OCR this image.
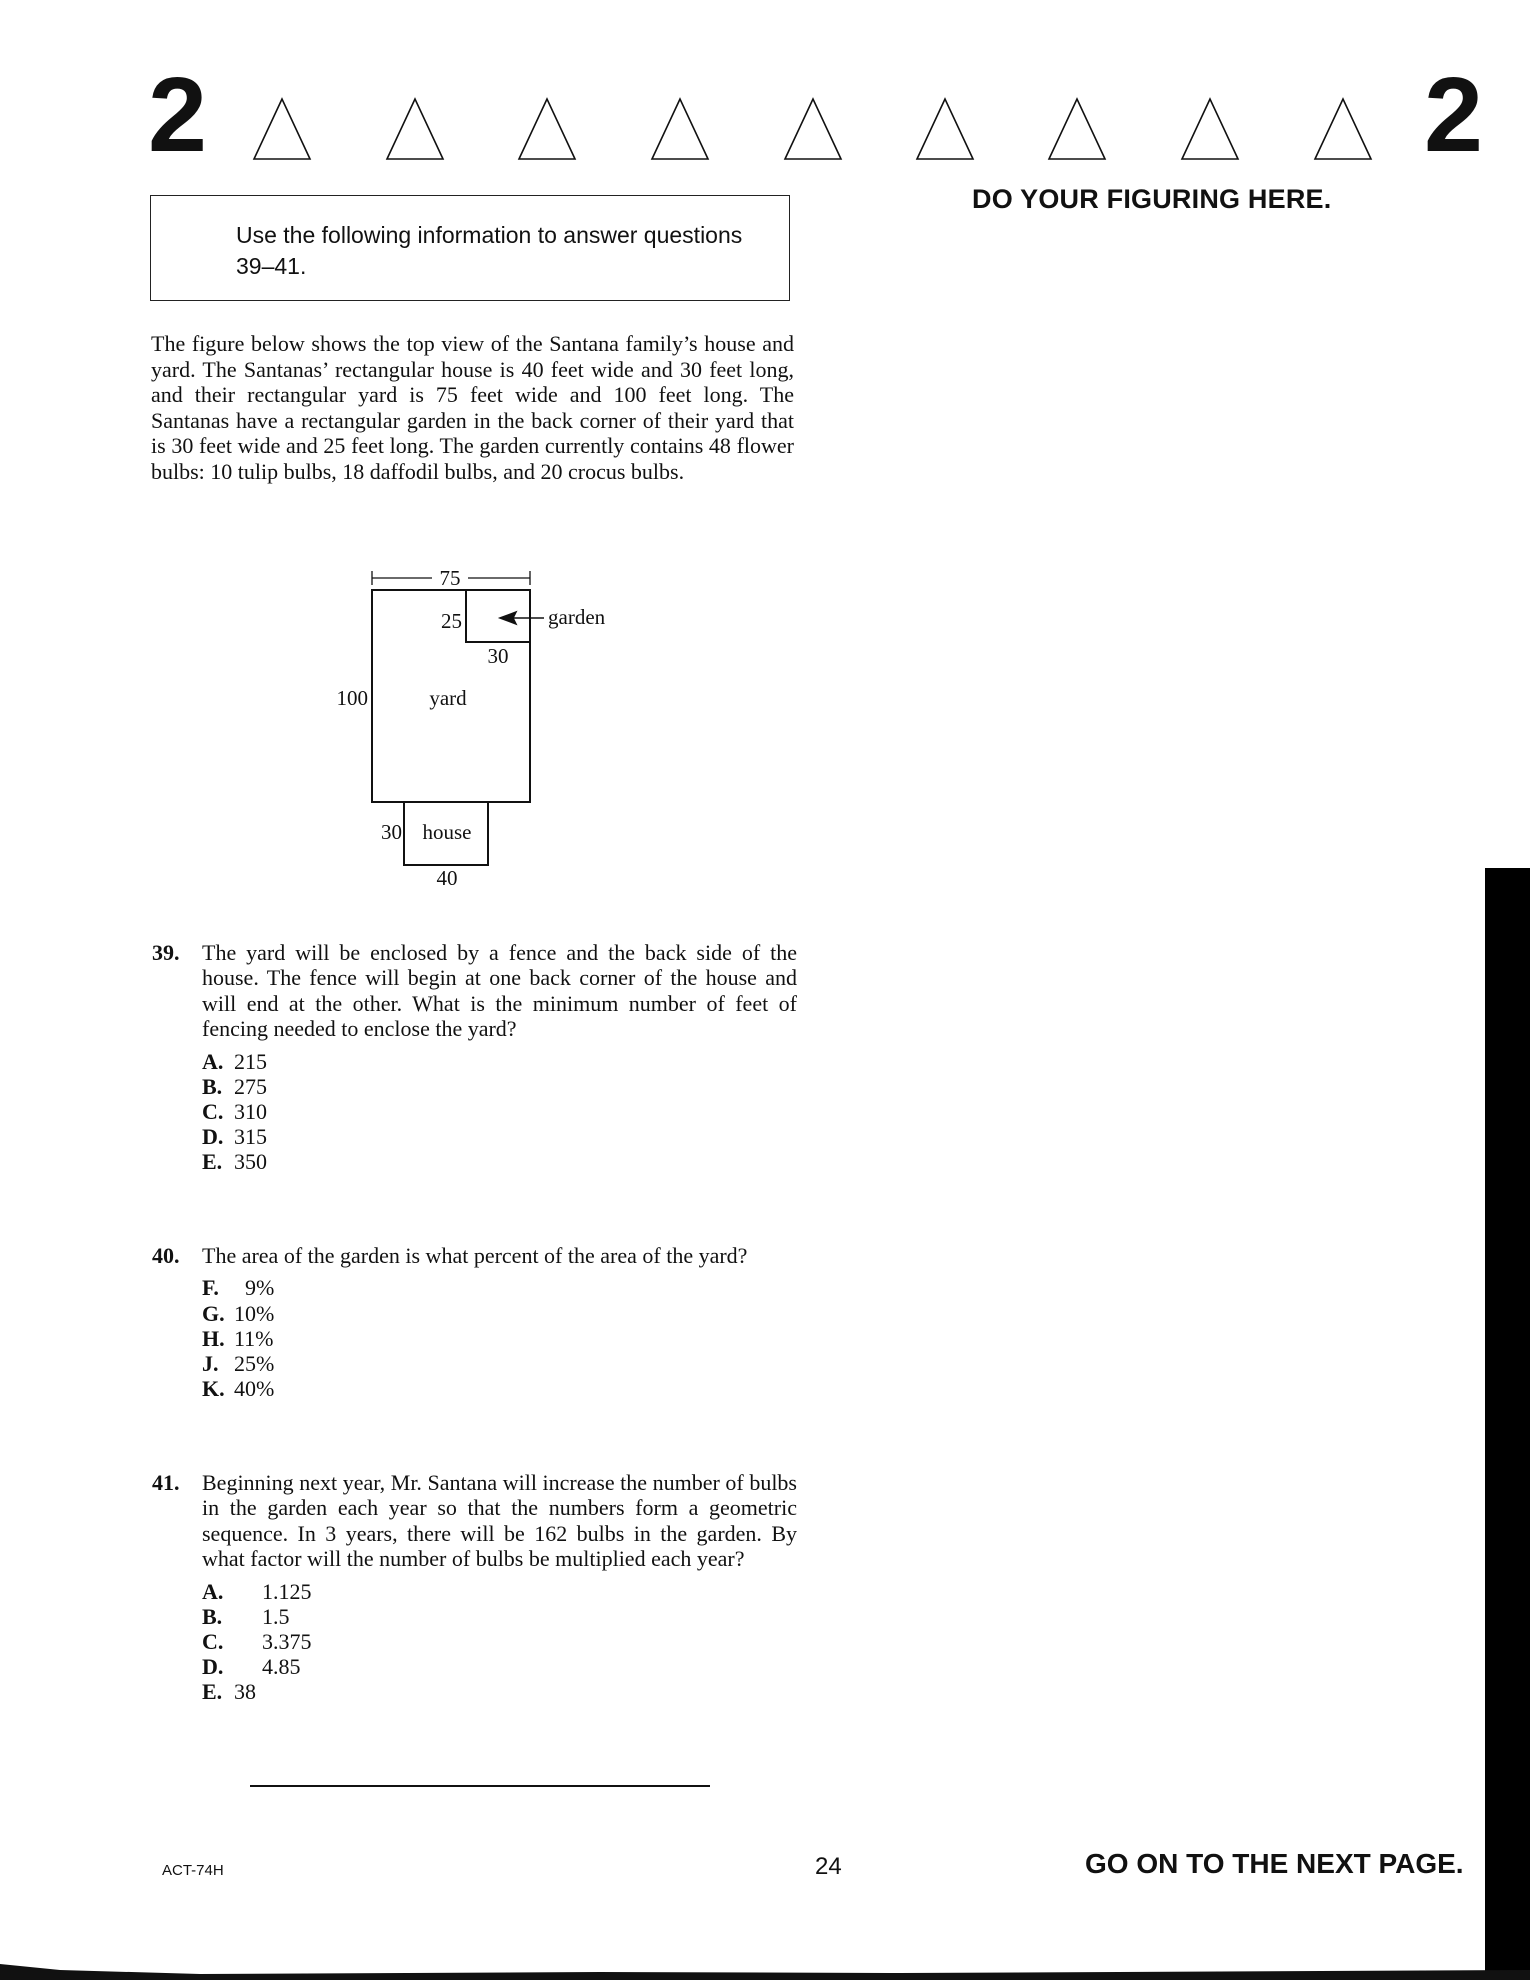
2	2
DO YOUR FIGURING HERE.
Use the following information to answer questions 39–41.
The figure below shows the top view of the Santana family’s house and yard. The Santanas’ rectangular house is 40 feet wide and 30 feet long, and their rectangular yard is 75 feet wide and 100 feet long. The Santanas have a rectangular garden in the back corner of their yard that is 30 feet wide and 25 feet long. The garden currently contains 48 flower bulbs: 10 tulip bulbs, 18 daffodil bulbs, and 20 crocus bulbs.
75
25
30
garden
100	yard
30 house
40
39. The yard will be enclosed by a fence and the back side of the house. The fence will begin at one back corner of the house and will end at the other. What is the minimum number of feet of fencing needed to enclose the yard?
A. 215
B. 275
C. 310
D. 315
E. 350
40. The area of the garden is what percent of the area of the yard?
F. 9%
G. 10%
H. 11%
J. 25%
K. 40%
41. Beginning next year, Mr. Santana will increase the number of bulbs in the garden each year so that the numbers form a geometric sequence. In 3 years, there will be 162 bulbs in the garden. By what factor will the number of bulbs be multiplied each year?
A. 1.125
B. 1.5
C. 3.375
D. 4.85
E. 38
ACT-74H	24	GO ON TO THE NEXT PAGE.
